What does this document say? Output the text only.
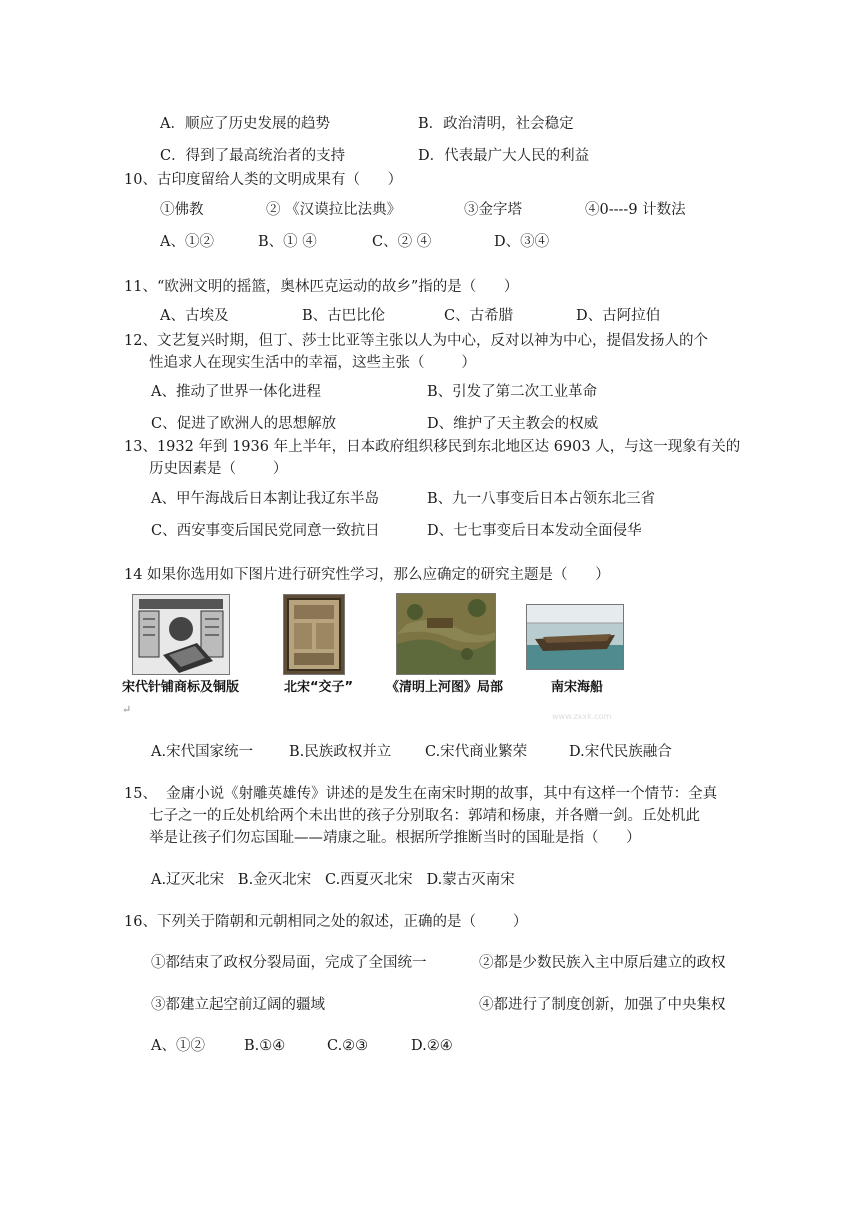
A．顺应了历史发展的趋势	B．政治清明，社会稳定
C．得到了最高统治者的支持	D．代表最广大人民的利益
10、古印度留给人类的文明成果有（      ）
①佛教	② 《汉谟拉比法典》	③金字塔	④0----9 计数法
A、①②	B、① ④	C、② ④	D、③④
11、“欧洲文明的摇篮，奥林匹克运动的故乡”指的是（      ）
A、古埃及	B、古巴比伦	C、古希腊	D、古阿拉伯
12、文艺复兴时期，但丁、莎士比亚等主张以人为中心，反对以神为中心，提倡发扬人的个
性追求人在现实生活中的幸福，这些主张（        ）
A、推动了世界一体化进程	B、引发了第二次工业革命
C、促进了欧洲人的思想解放	D、维护了天主教会的权威
13、1932 年到 1936 年上半年，日本政府组织移民到东北地区达 6903 人，与这一现象有关的
历史因素是（        ）
A、甲午海战后日本割让我辽东半岛	B、九一八事变后日本占领东北三省
C、西安事变后国民党同意一致抗日	D、七七事变后日本发动全面侵华
14 如果你选用如下图片进行研究性学习，那么应确定的研究主题是（      ）
宋代针铺商标及铜版	北宋“交子”	《清明上河图》局部	南宋海船
www.zxxk.com
↵
A.宋代国家统一 B.民族政权并立 C.宋代商业繁荣	D.宋代民族融合
15、  金庸小说《射雕英雄传》讲述的是发生在南宋时期的故事，其中有这样一个情节：全真
七子之一的丘处机给两个未出世的孩子分别取名：郭靖和杨康，并各赠一剑。丘处机此
举是让孩子们勿忘国耻——靖康之耻。根据所学推断当时的国耻是指（      ）
A.辽灭北宋   B.金灭北宋   C.西夏灭北宋   D.蒙古灭南宋
16、下列关于隋朝和元朝相同之处的叙述，正确的是（        ）
①都结束了政权分裂局面，完成了全国统一	②都是少数民族入主中原后建立的政权
③都建立起空前辽阔的疆域	④都进行了制度创新，加强了中央集权
A、①②	B.①④	C.②③	D.②④
